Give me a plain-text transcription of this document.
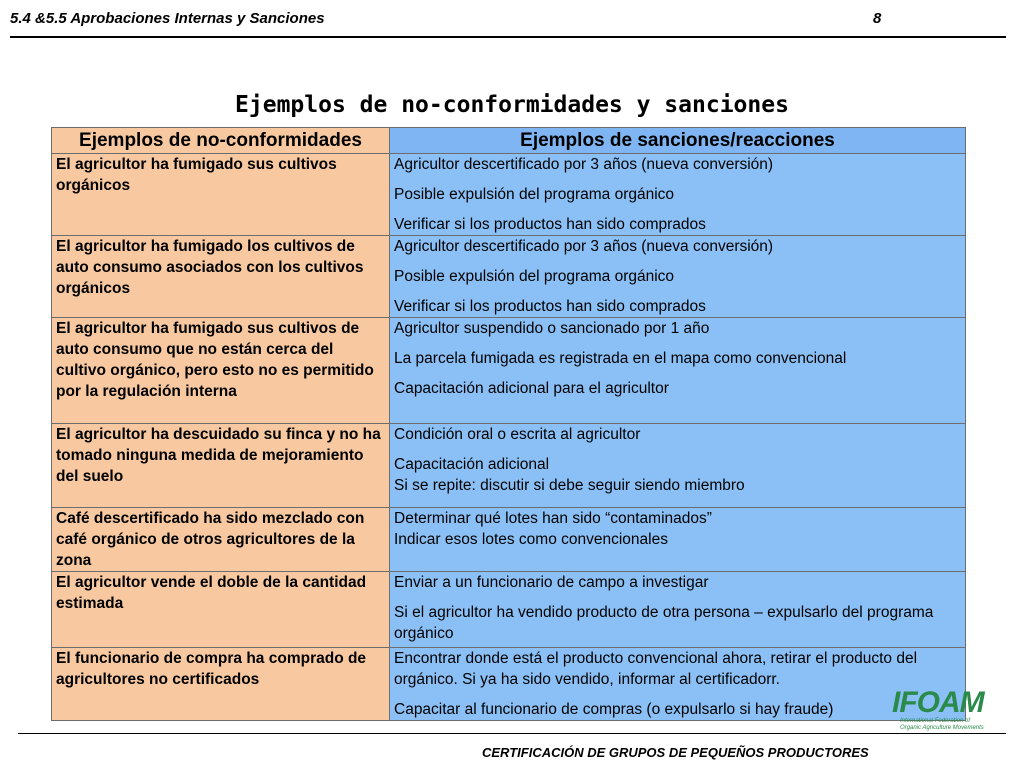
5.4 &5.5 Aprobaciones Internas y Sanciones	8
Ejemplos de no-conformidades y sanciones
Ejemplos de no-conformidades	Ejemplos de sanciones/reacciones
El agricultor ha fumigado sus cultivos orgánicos	Agricultor descertificado por 3 años (nueva conversión)

Posible expulsión del programa orgánico

Verificar si los productos han sido comprados

El agricultor ha fumigado los cultivos de auto consumo asociados con los cultivos orgánicos	Agricultor descertificado por 3 años (nueva conversión)

Posible expulsión del programa orgánico

Verificar si los productos han sido comprados

El agricultor ha fumigado sus cultivos de auto consumo que no están cerca del cultivo orgánico, pero esto no es permitido por la regulación interna	Agricultor suspendido o sancionado por 1 año

La parcela fumigada es registrada en el mapa como convencional

Capacitación adicional para el agricultor

El agricultor ha descuidado su finca y no ha tomado ninguna medida de mejoramiento del suelo	Condición oral o escrita al agricultor

Capacitación adicional
Si se repite: discutir si debe seguir siendo miembro

Café descertificado ha sido mezclado con café orgánico de otros agricultores de la zona	Determinar qué lotes han sido “contaminados”
Indicar esos lotes como convencionales

El agricultor vende el doble de la cantidad estimada	Enviar a un funcionario de campo a investigar

Si el agricultor ha vendido producto de otra persona – expulsarlo del programa orgánico

El funcionario de compra ha comprado de agricultores no certificados	Encontrar donde está el producto convencional ahora, retirar el producto del orgánico. Si ya ha sido vendido, informar al certificadorr.

Capacitar al funcionario de compras (o expulsarlo si hay fraude)	IFOAM
International Federation of
Organic Agriculture Movements
CERTIFICACIÓN DE GRUPOS DE PEQUEÑOS PRODUCTORES
